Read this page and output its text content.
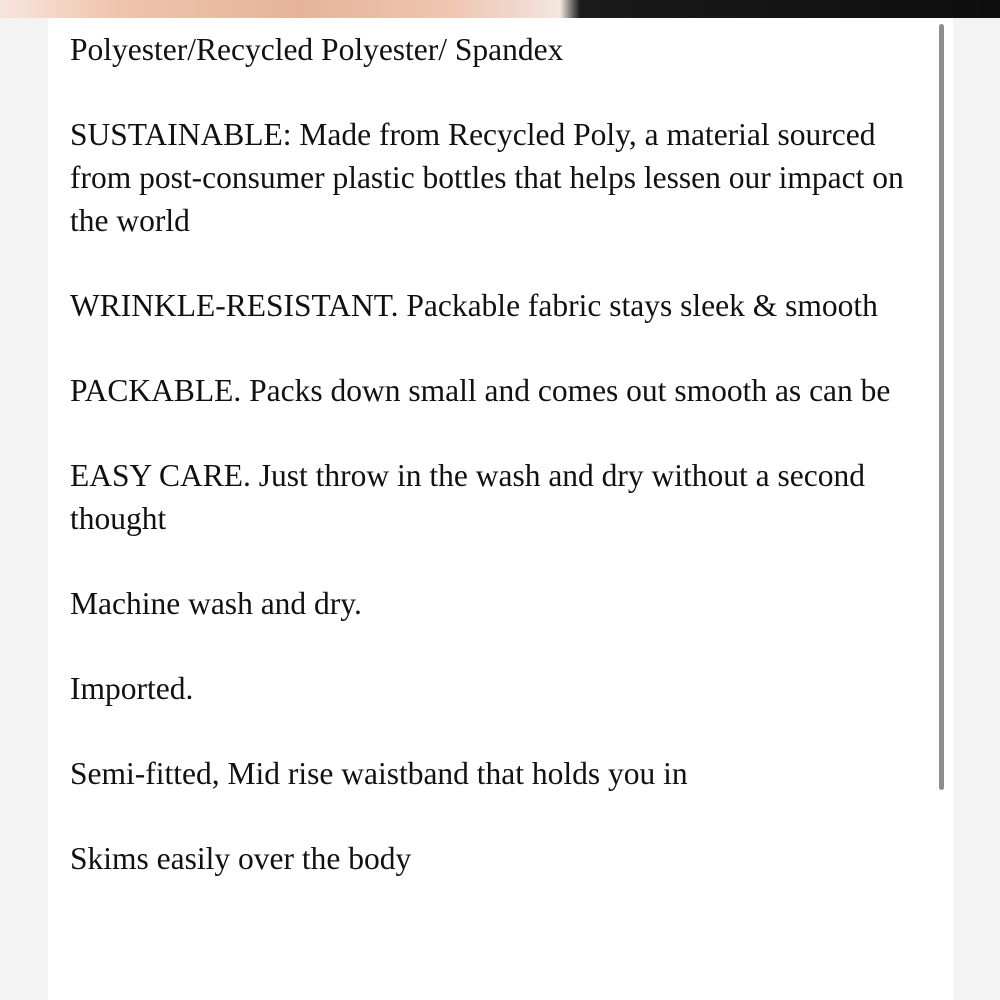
Polyester/Recycled Polyester/ Spandex

SUSTAINABLE: Made from Recycled Poly, a material sourced from post-consumer plastic bottles that helps lessen our impact on the world

WRINKLE-RESISTANT. Packable fabric stays sleek & smooth

PACKABLE. Packs down small and comes out smooth as can be

EASY CARE. Just throw in the wash and dry without a second thought

Machine wash and dry.

Imported.

Semi-fitted, Mid rise waistband that holds you in

Skims easily over the body
